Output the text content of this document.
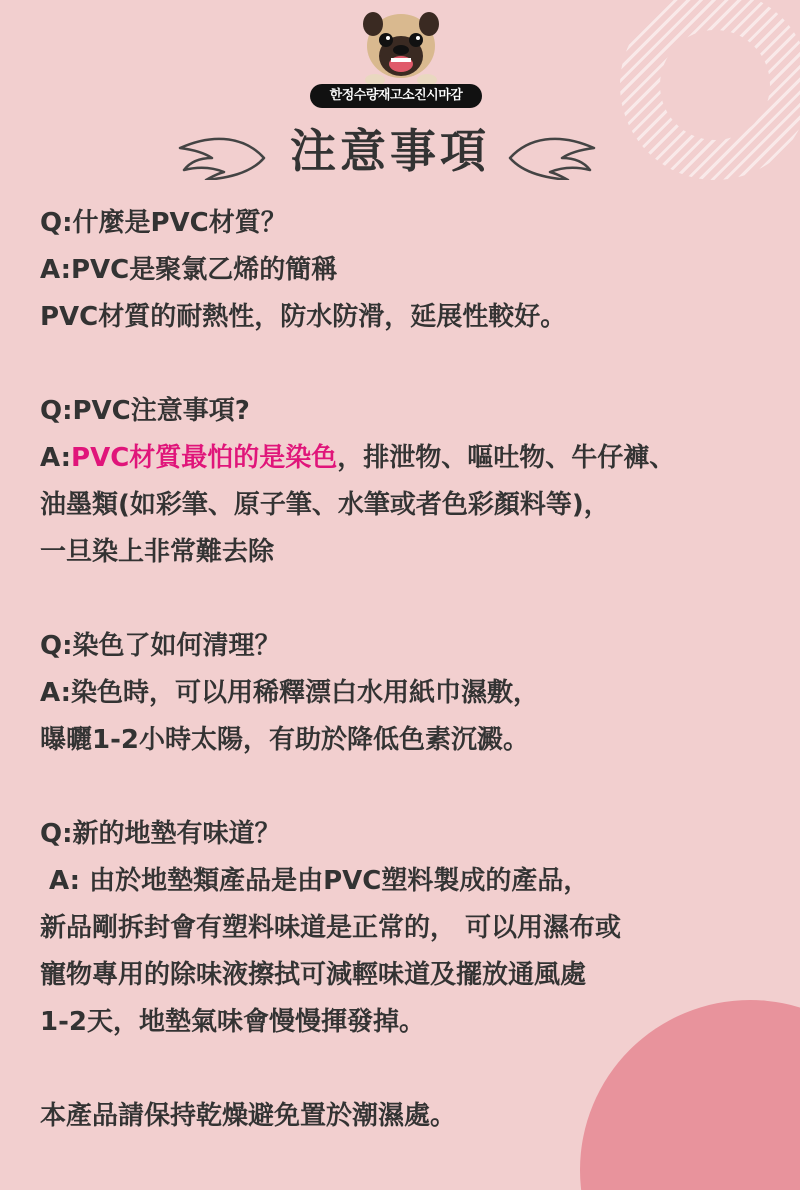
한정수량재고소진시마감
注意事項
Q:什麼是PVC材質？
A:PVC是聚氯乙烯的簡稱
PVC材質的耐熱性，防水防滑，延展性較好。
Q:PVC注意事項?
A:PVC材質最怕的是染色，排泄物、嘔吐物、牛仔褲、
油墨類(如彩筆、原子筆、水筆或者色彩顏料等)，
一旦染上非常難去除
Q:染色了如何清理？
A:染色時，可以用稀釋漂白水用紙巾濕敷，
曝曬1-2小時太陽，有助於降低色素沉澱。
Q:新的地墊有味道？
A: 由於地墊類產品是由PVC塑料製成的產品，
新品剛拆封會有塑料味道是正常的， 可以用濕布或
寵物專用的除味液擦拭可減輕味道及擺放通風處
1-2天，地墊氣味會慢慢揮發掉。
本產品請保持乾燥避免置於潮濕處。
